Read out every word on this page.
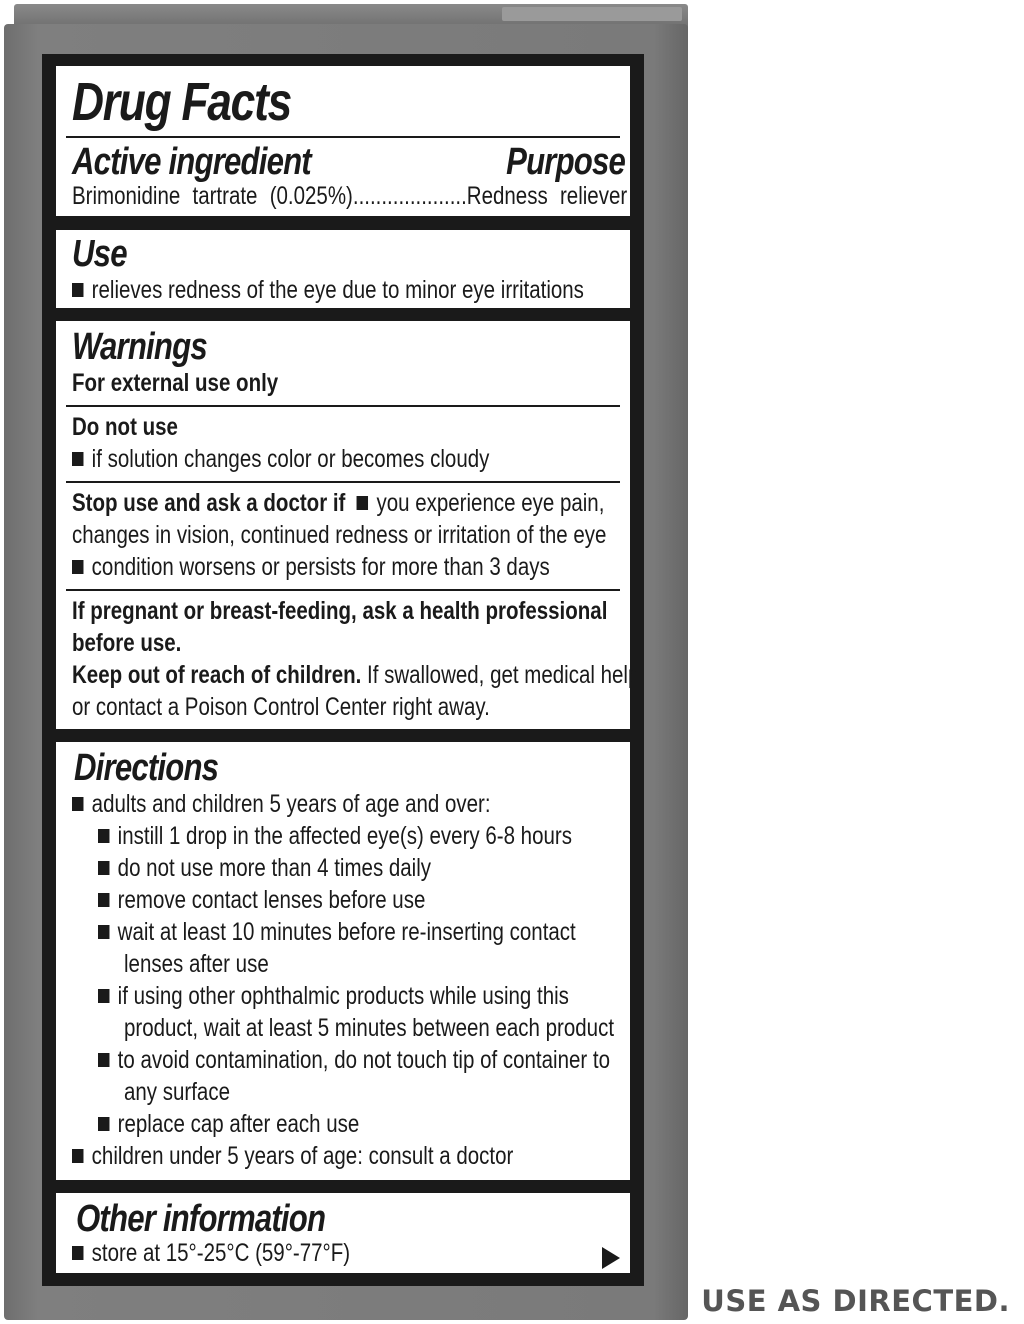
Drug Facts
Active ingredient	Purpose
Brimonidine tartrate (0.025%)....................Redness reliever
Use
relieves redness of the eye due to minor eye irritations
Warnings
For external use only
Do not use
if solution changes color or becomes cloudy
Stop use and ask a doctor if you experience eye pain,
changes in vision, continued redness or irritation of the eye
condition worsens or persists for more than 3 days
If pregnant or breast-feeding, ask a health professional
before use.
Keep out of reach of children. If swallowed, get medical help
or contact a Poison Control Center right away.
Directions
adults and children 5 years of age and over:
instill 1 drop in the affected eye(s) every 6-8 hours
do not use more than 4 times daily
remove contact lenses before use
wait at least 10 minutes before re-inserting contact
lenses after use
if using other ophthalmic products while using this
product, wait at least 5 minutes between each product
to avoid contamination, do not touch tip of container to
any surface
replace cap after each use
children under 5 years of age: consult a doctor
Other information
store at 15°-25°C (59°-77°F)
USE AS DIRECTED.
